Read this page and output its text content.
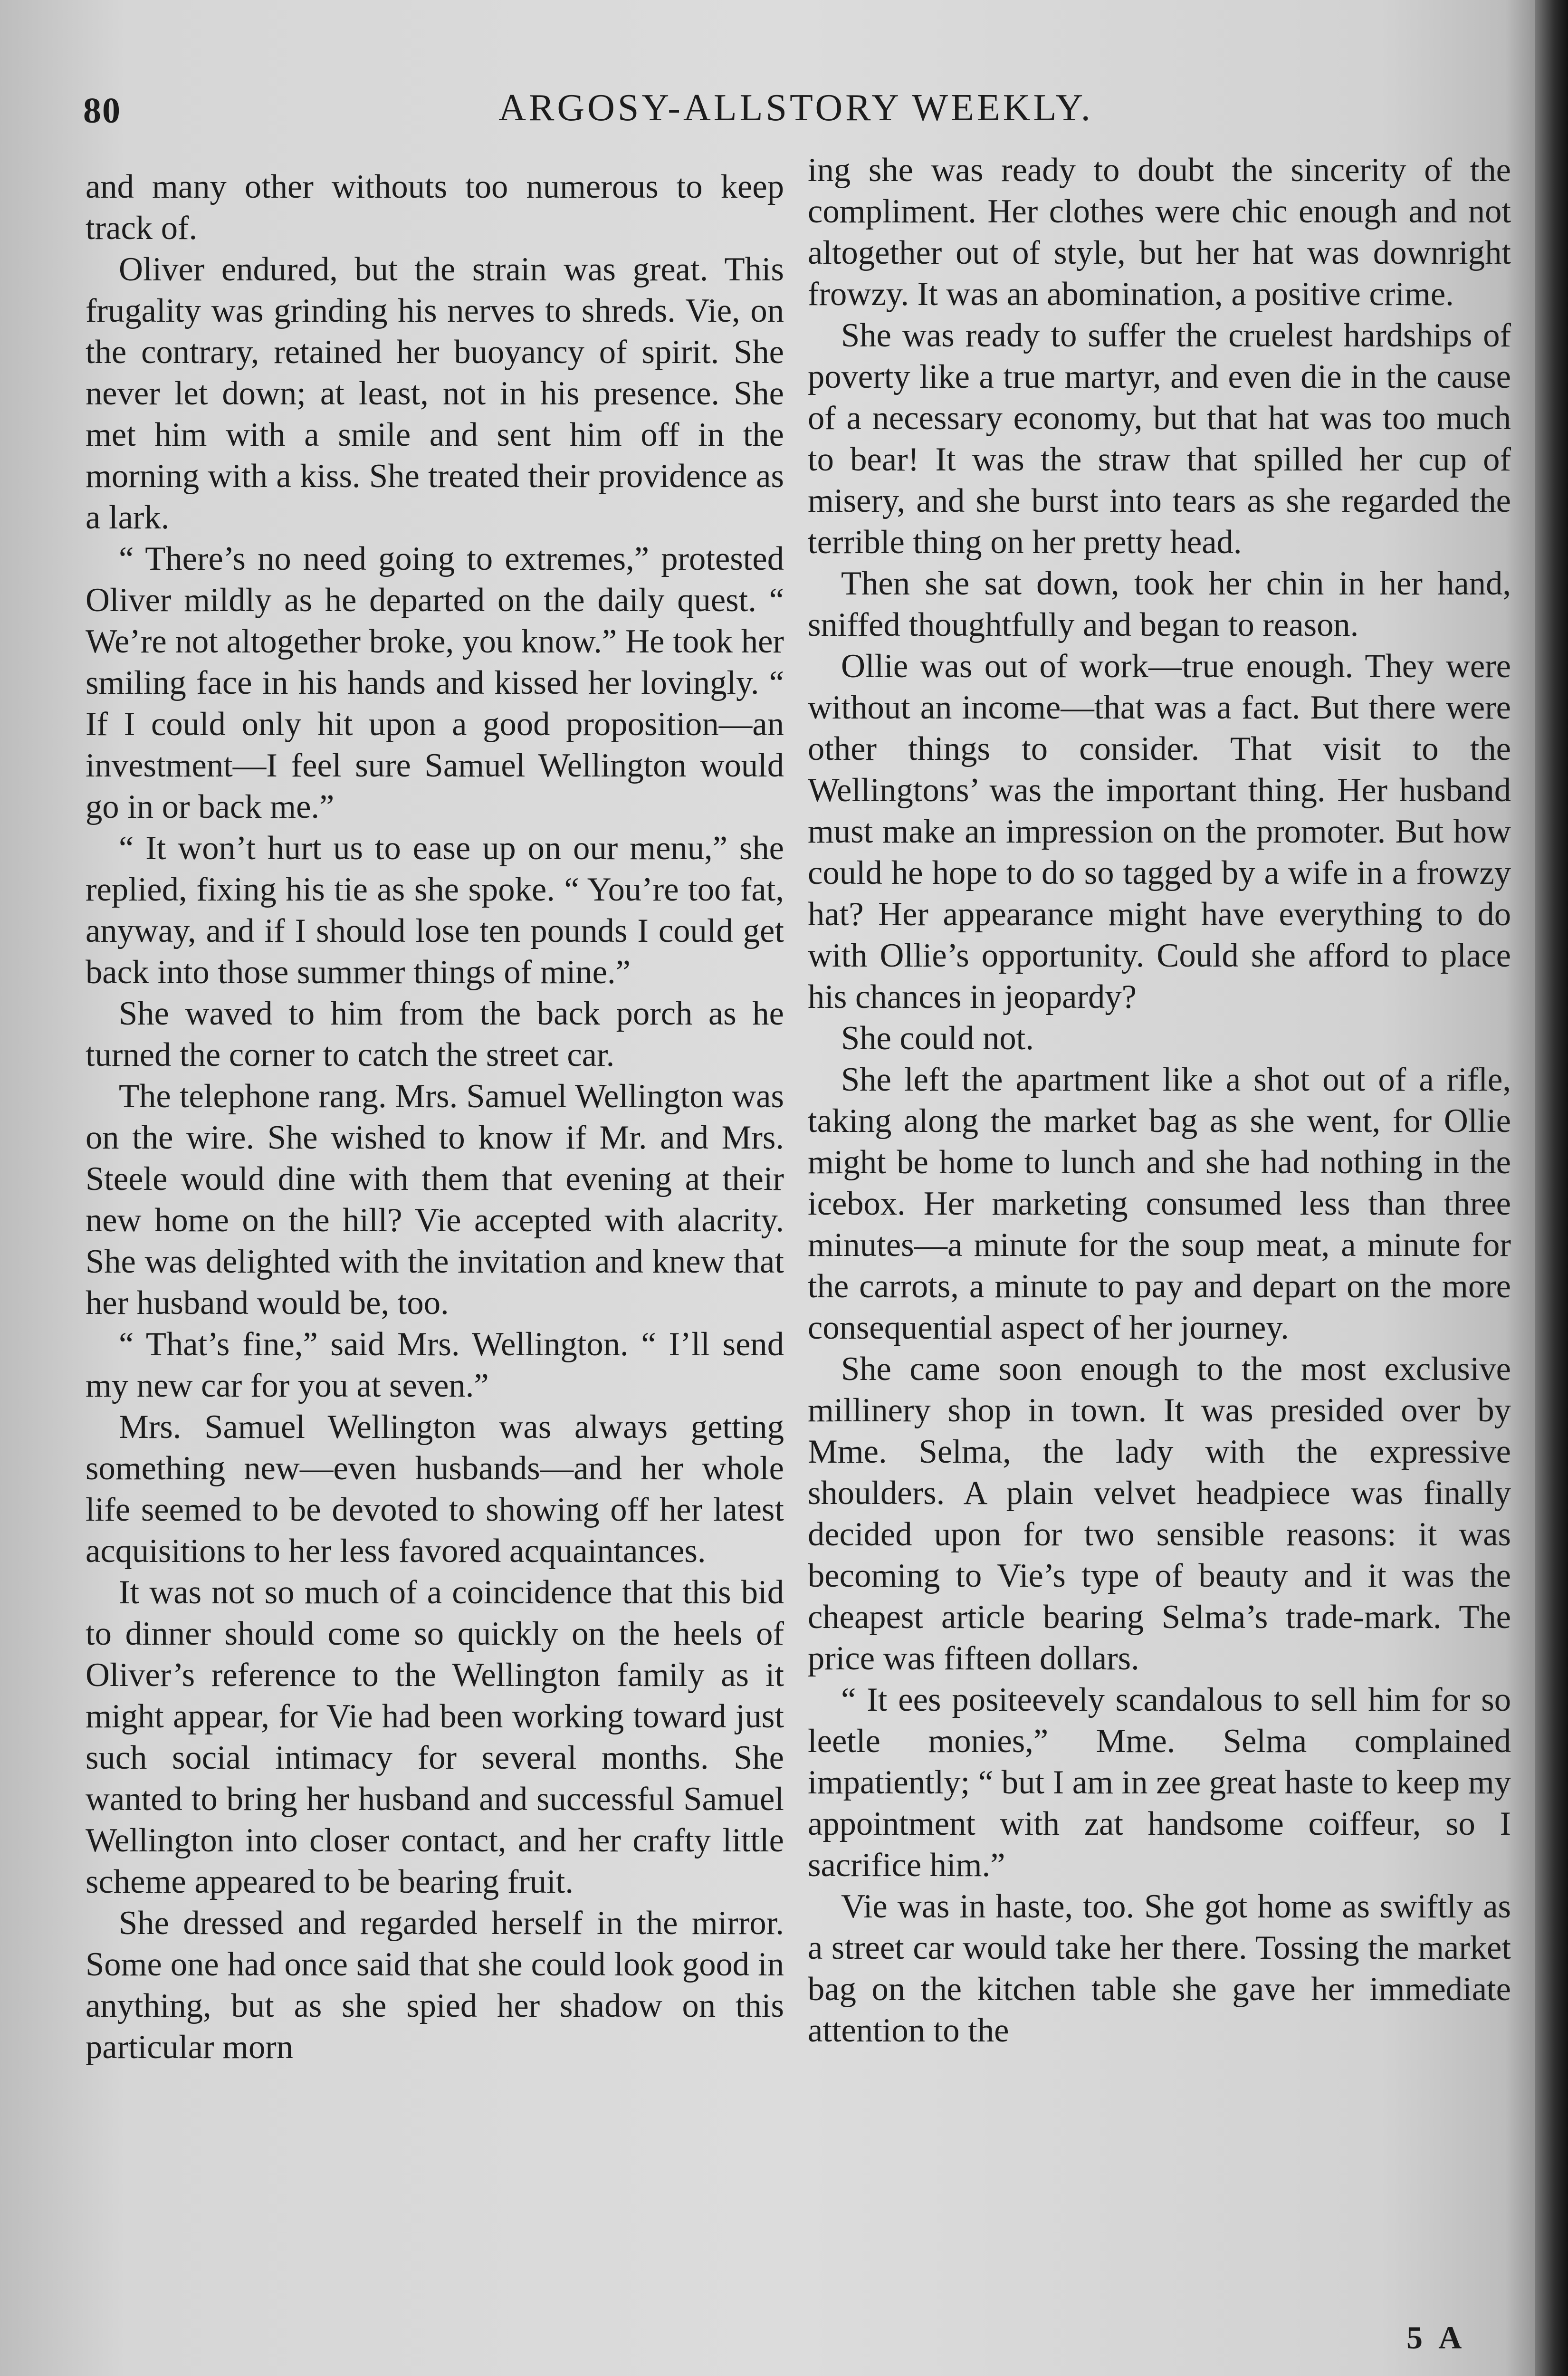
80	ARGOSY-ALLSTORY WEEKLY.

and many other withouts too numerous to keep track of.

Oliver endured, but the strain was great. This frugality was grinding his nerves to shreds. Vie, on the contrary, retained her buoyancy of spirit. She never let down; at least, not in his presence. She met him with a smile and sent him off in the morning with a kiss. She treated their providence as a lark.

“ There’s no need going to extremes,” protested Oliver mildly as he departed on the daily quest. “ We’re not altogether broke, you know.” He took her smiling face in his hands and kissed her lovingly. “ If I could only hit upon a good proposition—an investment—I feel sure Samuel Wellington would go in or back me.”

“ It won’t hurt us to ease up on our menu,” she replied, fixing his tie as she spoke. “ You’re too fat, anyway, and if I should lose ten pounds I could get back into those summer things of mine.”

She waved to him from the back porch as he turned the corner to catch the street car.

The telephone rang. Mrs. Samuel Wellington was on the wire. She wished to know if Mr. and Mrs. Steele would dine with them that evening at their new home on the hill? Vie accepted with alacrity. She was delighted with the invitation and knew that her husband would be, too.

“ That’s fine,” said Mrs. Wellington. “ I’ll send my new car for you at seven.”

Mrs. Samuel Wellington was always getting something new—even husbands—and her whole life seemed to be devoted to showing off her latest acquisitions to her less favored acquaintances.

It was not so much of a coincidence that this bid to dinner should come so quickly on the heels of Oliver’s reference to the Wellington family as it might appear, for Vie had been working toward just such social intimacy for several months. She wanted to bring her husband and successful Samuel Wellington into closer contact, and her crafty little scheme appeared to be bearing fruit.

She dressed and regarded herself in the mirror. Some one had once said that she could look good in anything, but as she spied her shadow on this particular morn

ing she was ready to doubt the sincerity of the compliment. Her clothes were chic enough and not altogether out of style, but her hat was downright frowzy. It was an abomination, a positive crime.

She was ready to suffer the cruelest hardships of poverty like a true martyr, and even die in the cause of a necessary economy, but that hat was too much to bear! It was the straw that spilled her cup of misery, and she burst into tears as she regarded the terrible thing on her pretty head.

Then she sat down, took her chin in her hand, sniffed thoughtfully and began to reason.

Ollie was out of work—true enough. They were without an income—that was a fact. But there were other things to consider. That visit to the Wellingtons’ was the important thing. Her husband must make an impression on the promoter. But how could he hope to do so tagged by a wife in a frowzy hat? Her appearance might have everything to do with Ollie’s opportunity. Could she afford to place his chances in jeopardy?

She could not.

She left the apartment like a shot out of a rifle, taking along the market bag as she went, for Ollie might be home to lunch and she had nothing in the icebox. Her marketing consumed less than three minutes—a minute for the soup meat, a minute for the carrots, a minute to pay and depart on the more consequential aspect of her journey.

She came soon enough to the most exclusive millinery shop in town. It was presided over by Mme. Selma, the lady with the expressive shoulders. A plain velvet headpiece was finally decided upon for two sensible reasons: it was becoming to Vie’s type of beauty and it was the cheapest article bearing Selma’s trade-mark. The price was fifteen dollars.

“ It ees positeevely scandalous to sell him for so leetle monies,” Mme. Selma complained impatiently; “ but I am in zee great haste to keep my appointment with zat handsome coiffeur, so I sacrifice him.”

Vie was in haste, too. She got home as swiftly as a street car would take her there. Tossing the market bag on the kitchen table she gave her immediate attention to the

5 A
